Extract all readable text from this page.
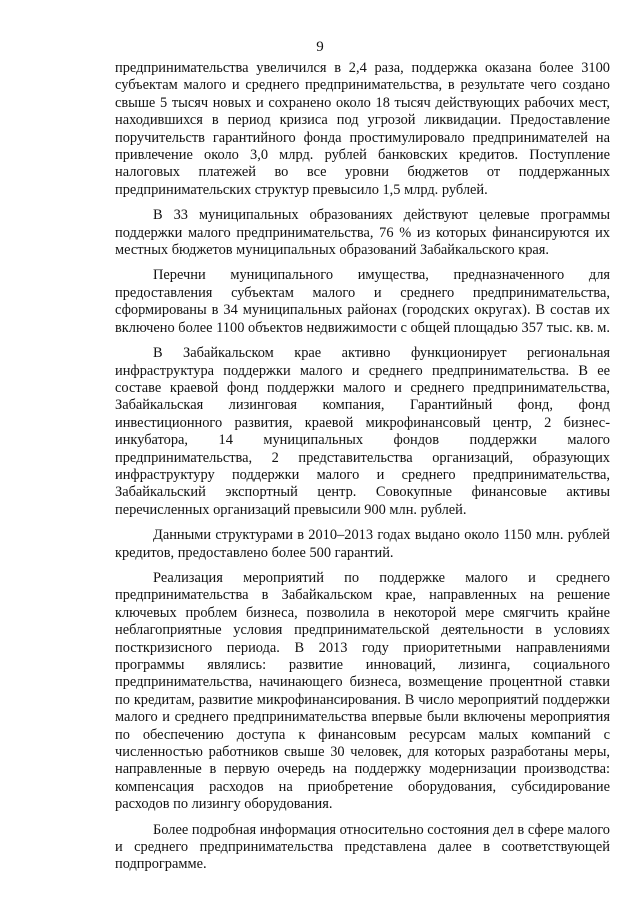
9

предпринимательства увеличился в 2,4 раза, поддержка оказана более 3100 субъектам малого и среднего предпринимательства, в результате чего создано свыше 5 тысяч новых и сохранено около 18 тысяч действующих рабочих мест, находившихся в период кризиса под угрозой ликвидации. Предоставление поручительств гарантийного фонда простимулировало предпринимателей на привлечение около 3,0 млрд. рублей банковских кредитов. Поступление налоговых платежей во все уровни бюджетов от поддержанных предпринимательских структур превысило 1,5 млрд. рублей.

В 33 муниципальных образованиях действуют целевые программы поддержки малого предпринимательства, 76 % из которых финансируются их местных бюджетов муниципальных образований Забайкальского края.

Перечни муниципального имущества, предназначенного для предоставления субъектам малого и среднего предпринимательства, сформированы в 34 муниципальных районах (городских округах). В состав их включено более 1100 объектов недвижимости с общей площадью 357 тыс. кв. м.

В Забайкальском крае активно функционирует региональная инфраструктура поддержки малого и среднего предпринимательства. В ее составе краевой фонд поддержки малого и среднего предпринимательства, Забайкальская лизинговая компания, Гарантийный фонд, фонд инвестиционного развития, краевой микрофинансовый центр, 2 бизнес-инкубатора, 14 муниципальных фондов поддержки малого предпринимательства, 2 представительства организаций, образующих инфраструктуру поддержки малого и среднего предпринимательства, Забайкальский экспортный центр. Совокупные финансовые активы перечисленных организаций превысили 900 млн. рублей.

Данными структурами в 2010–2013 годах выдано около 1150 млн. рублей кредитов, предоставлено более 500 гарантий.

Реализация мероприятий по поддержке малого и среднего предпринимательства в Забайкальском крае, направленных на решение ключевых проблем бизнеса, позволила в некоторой мере смягчить крайне неблагоприятные условия предпринимательской деятельности в условиях посткризисного периода. В 2013 году приоритетными направлениями программы являлись: развитие инноваций, лизинга, социального предпринимательства, начинающего бизнеса, возмещение процентной ставки по кредитам, развитие микрофинансирования. В число мероприятий поддержки малого и среднего предпринимательства впервые были включены мероприятия по обеспечению доступа к финансовым ресурсам малых компаний с численностью работников свыше 30 человек, для которых разработаны меры, направленные в первую очередь на поддержку модернизации производства: компенсация расходов на приобретение оборудования, субсидирование расходов по лизингу оборудования.

Более подробная информация относительно состояния дел в сфере малого и среднего предпринимательства представлена далее в соответствующей подпрограмме.
